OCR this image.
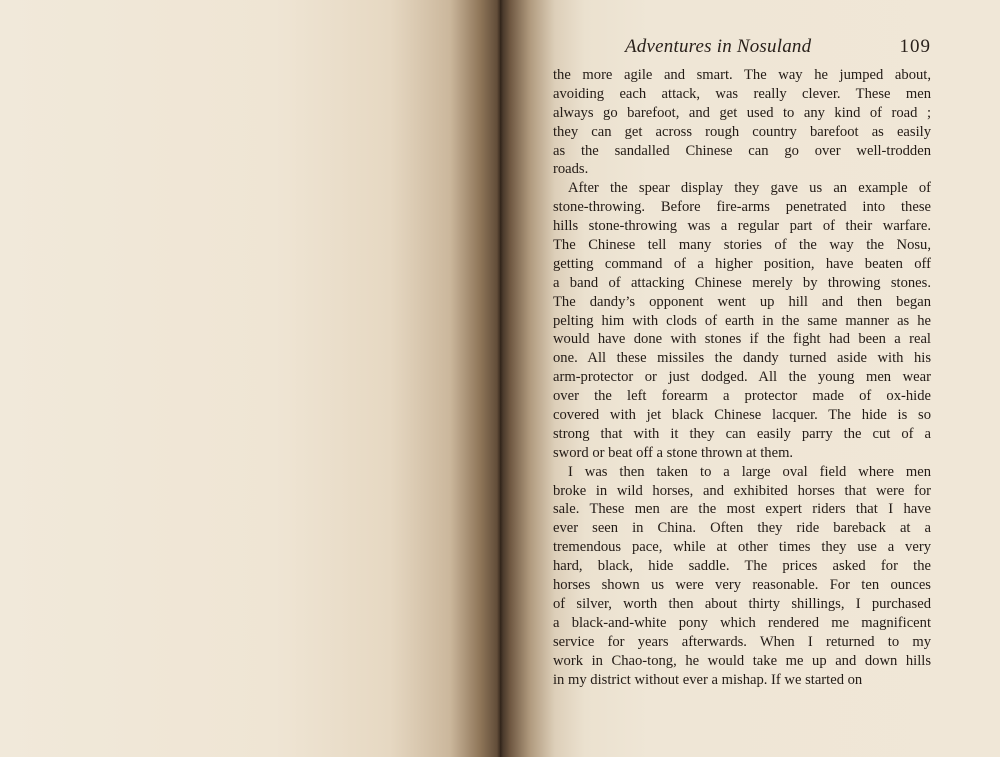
Adventures in Nosuland	109
the more agile and smart. The way he jumped about,
avoiding each attack, was really clever. These men
always go barefoot, and get used to any kind of road ;
they can get across rough country barefoot as easily
as the sandalled Chinese can go over well-trodden
roads.
After the spear display they gave us an example of
stone-throwing. Before fire-arms penetrated into these
hills stone-throwing was a regular part of their warfare.
The Chinese tell many stories of the way the Nosu,
getting command of a higher position, have beaten off
a band of attacking Chinese merely by throwing stones.
The dandy’s opponent went up hill and then began
pelting him with clods of earth in the same manner as he
would have done with stones if the fight had been a real
one. All these missiles the dandy turned aside with his
arm-protector or just dodged. All the young men wear
over the left forearm a protector made of ox-hide
covered with jet black Chinese lacquer. The hide is so
strong that with it they can easily parry the cut of a
sword or beat off a stone thrown at them.
I was then taken to a large oval field where men
broke in wild horses, and exhibited horses that were for
sale. These men are the most expert riders that I have
ever seen in China. Often they ride bareback at a
tremendous pace, while at other times they use a very
hard, black, hide saddle. The prices asked for the
horses shown us were very reasonable. For ten ounces
of silver, worth then about thirty shillings, I purchased
a black-and-white pony which rendered me magnificent
service for years afterwards. When I returned to my
work in Chao-tong, he would take me up and down hills
in my district without ever a mishap. If we started on
